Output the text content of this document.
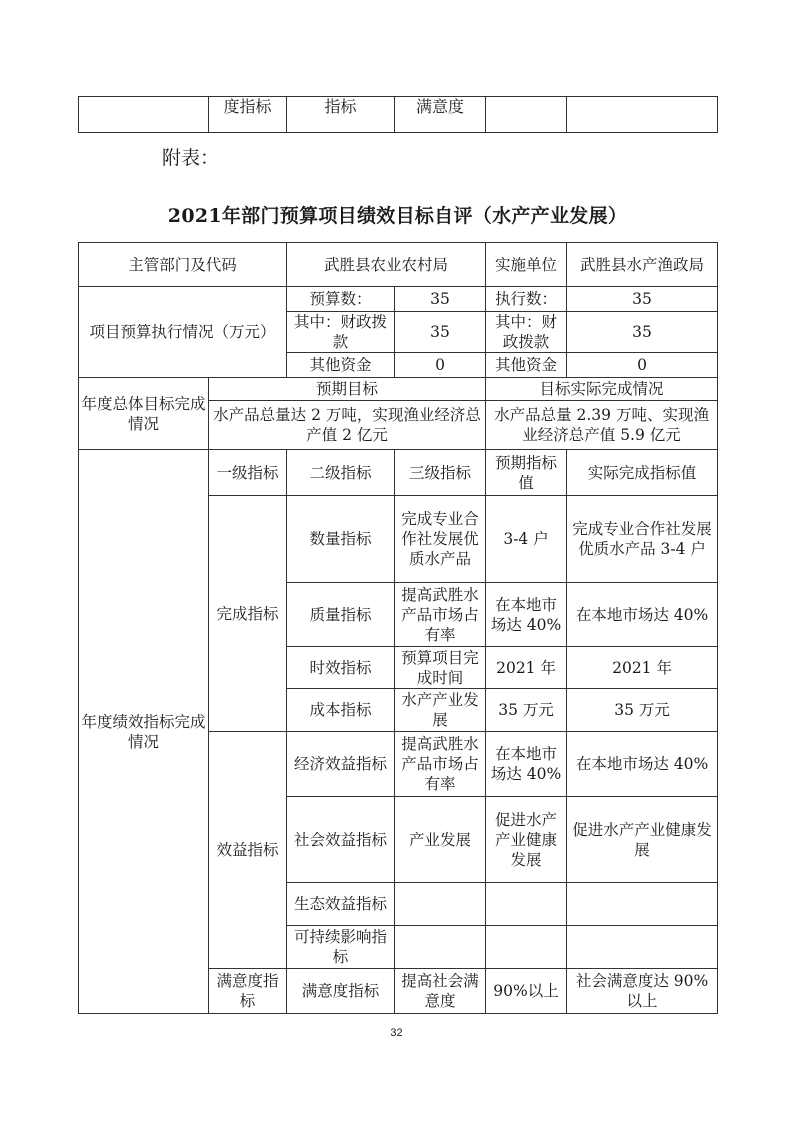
	度指标	指标	满意度		
附表：
2021年部门预算项目绩效目标自评（水产产业发展）
主管部门及代码		武胜县农业农村局		实施单位	武胜县水产渔政局
项目预算执行情况（万元）		预算数：	35	执行数：	35
		其中：财政拨款	35	其中：财政拨款	35
		其他资金	0	其他资金	0
年度总体目标完成情况	预期目标			目标实际完成情况	
	水产品总量达 2 万吨，实现渔业经济总产值 2 亿元			水产品总量 2.39 万吨、实现渔业经济总产值 5.9 亿元	
年度绩效指标完成情况	一级指标	二级指标	三级指标	预期指标值	实际完成指标值
	完成指标	数量指标	完成专业合作社发展优质水产品	3-4 户	完成专业合作社发展优质水产品 3-4 户
		质量指标	提高武胜水产品市场占有率	在本地市场达 40%	在本地市场达 40%
		时效指标	预算项目完成时间	2021 年	2021 年
		成本指标	水产产业发展	35 万元	35 万元
	效益指标	经济效益指标	提高武胜水产品市场占有率	在本地市场达 40%	在本地市场达 40%
		社会效益指标	产业发展	促进水产产业健康发展	促进水产产业健康发展
		生态效益指标			
		可持续影响指标			
	满意度指标	满意度指标	提高社会满意度	90%以上	社会满意度达 90%以上
32
